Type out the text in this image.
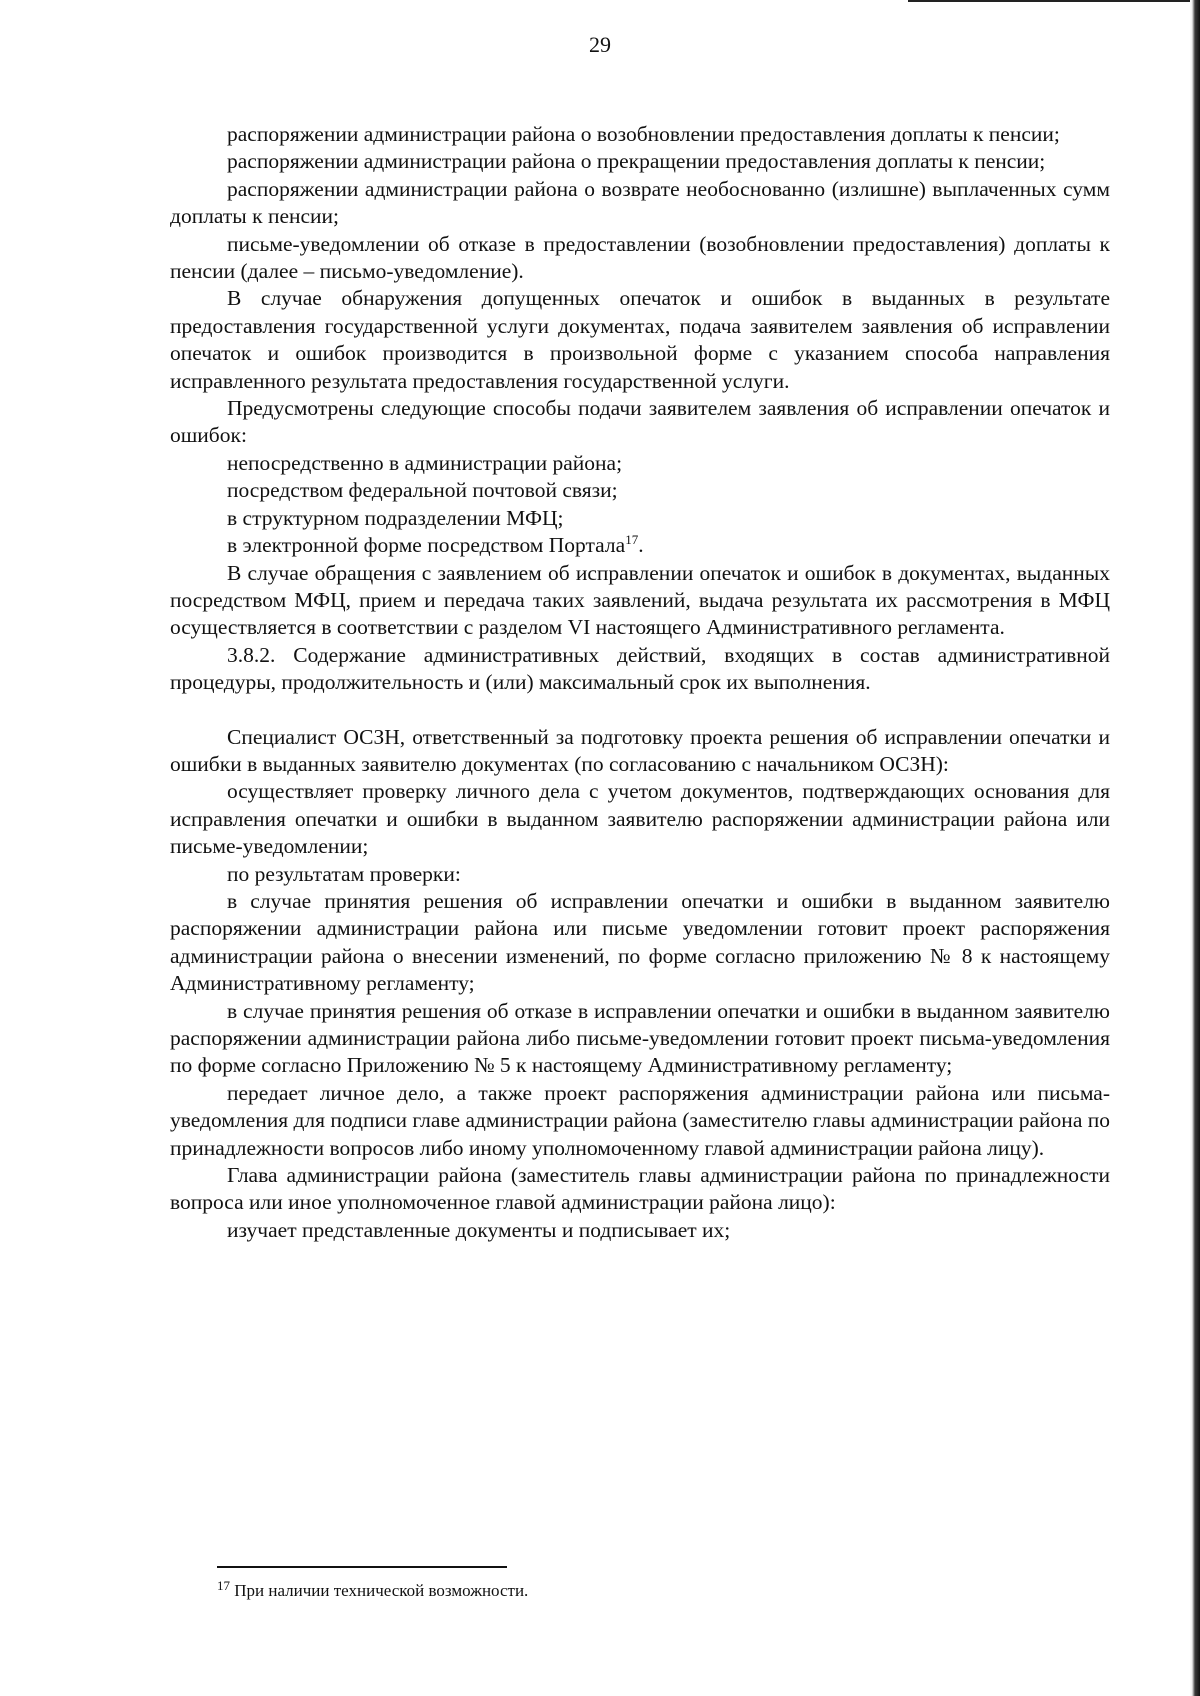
29

распоряжении администрации района о возобновлении предоставления доплаты к пенсии;

распоряжении администрации района о прекращении предоставления доплаты к пенсии;

распоряжении администрации района о возврате необоснованно (излишне) выплаченных сумм доплаты к пенсии;

письме-уведомлении об отказе в предоставлении (возобновлении предоставления) доплаты к пенсии (далее – письмо-уведомление).

В случае обнаружения допущенных опечаток и ошибок в выданных в результате предоставления государственной услуги документах, подача заявителем заявления об исправлении опечаток и ошибок производится в произвольной форме с указанием способа направления исправленного результата предоставления государственной услуги.

Предусмотрены следующие способы подачи заявителем заявления об исправлении опечаток и ошибок:

непосредственно в администрации района;

посредством федеральной почтовой связи;

в структурном подразделении МФЦ;

в электронной форме посредством Портала$^{17}$.

В случае обращения с заявлением об исправлении опечаток и ошибок в документах, выданных посредством МФЦ, прием и передача таких заявлений, выдача результата их рассмотрения в МФЦ осуществляется в соответствии с разделом VI настоящего Административного регламента.

3.8.2. Содержание административных действий, входящих в состав административной процедуры, продолжительность и (или) максимальный срок их выполнения.

Специалист ОСЗН, ответственный за подготовку проекта решения об исправлении опечатки и ошибки в выданных заявителю документах (по согласованию с начальником ОСЗН):

осуществляет проверку личного дела с учетом документов, подтверждающих основания для исправления опечатки и ошибки в выданном заявителю распоряжении администрации района или письме-уведомлении;

по результатам проверки:

в случае принятия решения об исправлении опечатки и ошибки в выданном заявителю распоряжении администрации района или письме уведомлении готовит проект распоряжения администрации района о внесении изменений, по форме согласно приложению № 8 к настоящему Административному регламенту;

в случае принятия решения об отказе в исправлении опечатки и ошибки в выданном заявителю распоряжении администрации района либо письме-уведомлении готовит проект письма-уведомления по форме согласно Приложению № 5 к настоящему Административному регламенту;

передает личное дело, а также проект распоряжения администрации района или письма-уведомления для подписи главе администрации района (заместителю главы администрации района по принадлежности вопросов либо иному уполномоченному главой администрации района лицу).

Глава администрации района (заместитель главы администрации района по принадлежности вопроса или иное уполномоченное главой администрации района лицо):

изучает представленные документы и подписывает их;

$^{17}$ При наличии технической возможности.
